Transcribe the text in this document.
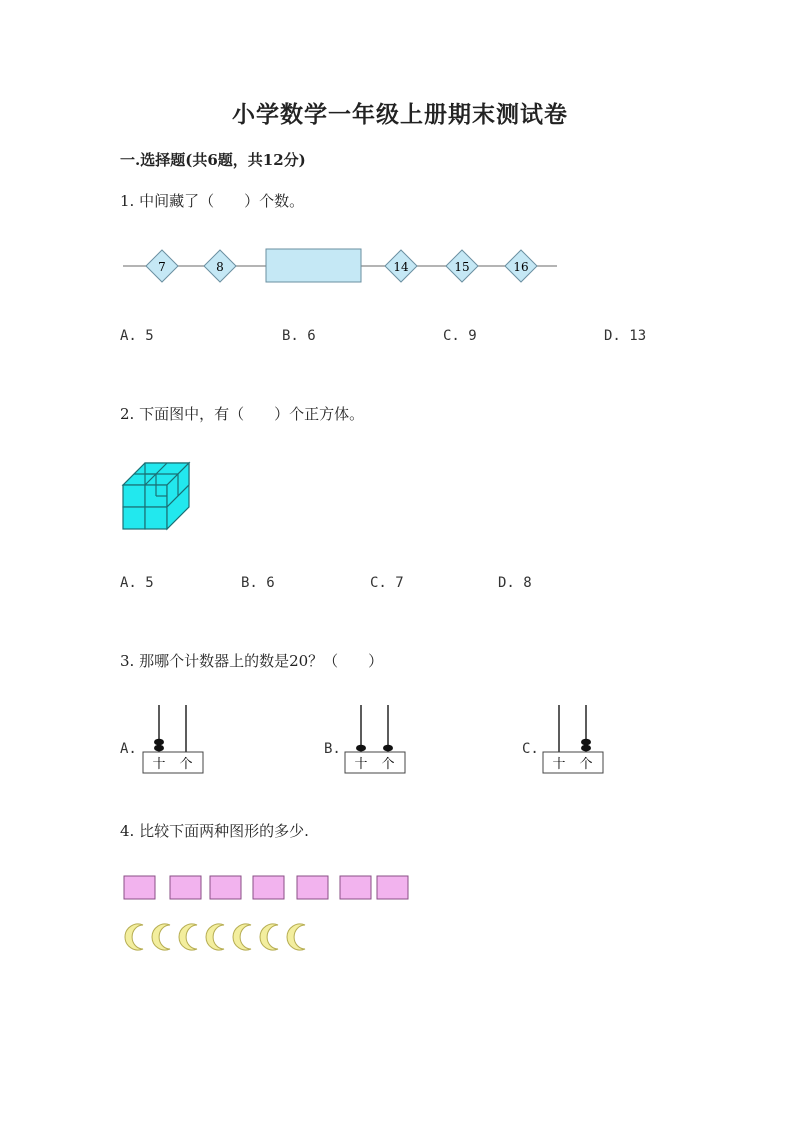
小学数学一年级上册期末测试卷
一.选择题(共6题，共12分)
1. 中间藏了（　　）个数。
7	8	14	15	16
A. 5	B. 6	C. 9	D. 13
2. 下面图中，有（　　）个正方体。
A. 5	B. 6	C. 7	D. 8
3. 那哪个计数器上的数是20？（　　）
A.	B.	C.
十 个	十 个	十 个
4. 比较下面两种图形的多少.
